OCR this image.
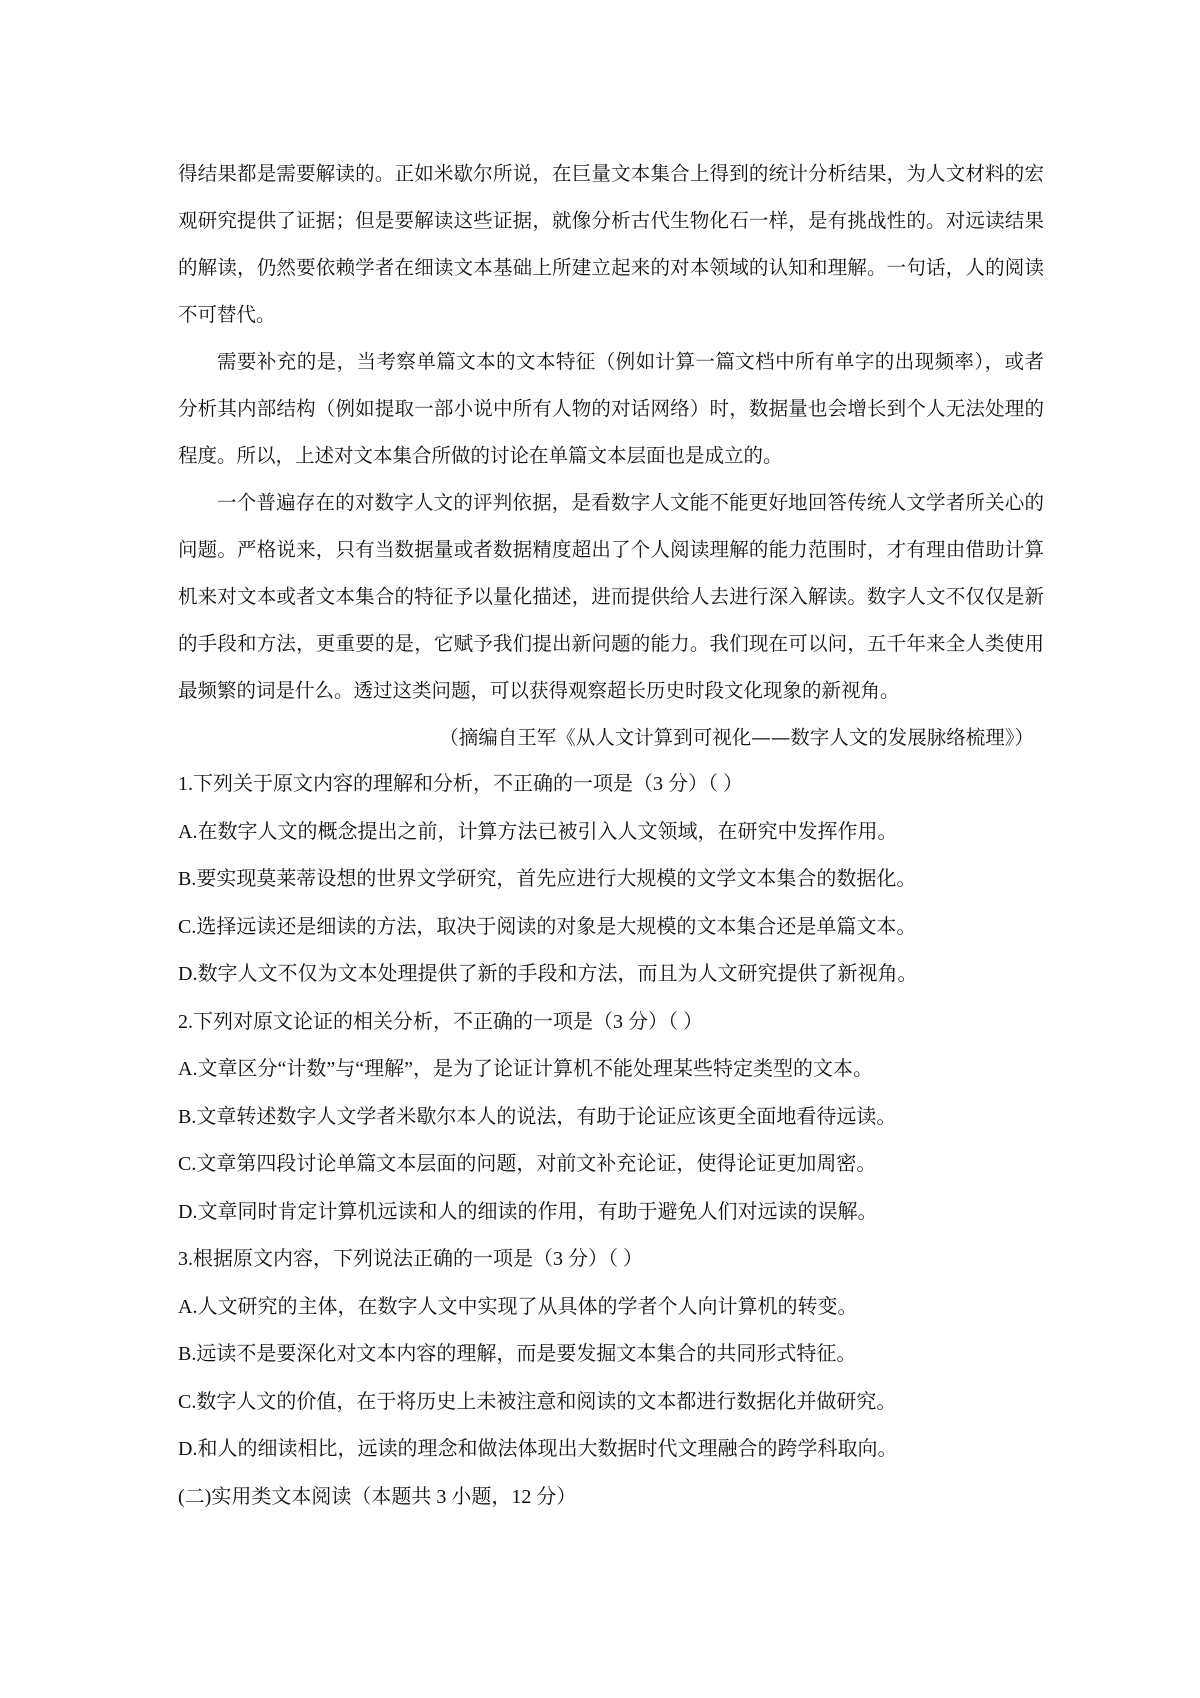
得结果都是需要解读的。正如米歇尔所说，在巨量文本集合上得到的统计分析结果，为人文材料的宏观研究提供了证据；但是要解读这些证据，就像分析古代生物化石一样，是有挑战性的。对远读结果的解读，仍然要依赖学者在细读文本基础上所建立起来的对本领域的认知和理解。一句话，人的阅读不可替代。

需要补充的是，当考察单篇文本的文本特征（例如计算一篇文档中所有单字的出现频率），或者分析其内部结构（例如提取一部小说中所有人物的对话网络）时，数据量也会增长到个人无法处理的程度。所以，上述对文本集合所做的讨论在单篇文本层面也是成立的。

一个普遍存在的对数字人文的评判依据，是看数字人文能不能更好地回答传统人文学者所关心的问题。严格说来，只有当数据量或者数据精度超出了个人阅读理解的能力范围时，才有理由借助计算机来对文本或者文本集合的特征予以量化描述，进而提供给人去进行深入解读。数字人文不仅仅是新的手段和方法，更重要的是，它赋予我们提出新问题的能力。我们现在可以问，五千年来全人类使用最频繁的词是什么。透过这类问题，可以获得观察超长历史时段文化现象的新视角。

（摘编自王军《从人文计算到可视化——数字人文的发展脉络梳理》）

1.下列关于原文内容的理解和分析，不正确的一项是（3 分）（ ）

A.在数字人文的概念提出之前，计算方法已被引入人文领域，在研究中发挥作用。

B.要实现莫莱蒂设想的世界文学研究，首先应进行大规模的文学文本集合的数据化。

C.选择远读还是细读的方法，取决于阅读的对象是大规模的文本集合还是单篇文本。

D.数字人文不仅为文本处理提供了新的手段和方法，而且为人文研究提供了新视角。

2.下列对原文论证的相关分析，不正确的一项是（3 分）（ ）

A.文章区分“计数”与“理解”，是为了论证计算机不能处理某些特定类型的文本。

B.文章转述数字人文学者米歇尔本人的说法，有助于论证应该更全面地看待远读。

C.文章第四段讨论单篇文本层面的问题，对前文补充论证，使得论证更加周密。

D.文章同时肯定计算机远读和人的细读的作用，有助于避免人们对远读的误解。

3.根据原文内容，下列说法正确的一项是（3 分）（ ）

A.人文研究的主体，在数字人文中实现了从具体的学者个人向计算机的转变。

B.远读不是要深化对文本内容的理解，而是要发掘文本集合的共同形式特征。

C.数字人文的价值，在于将历史上未被注意和阅读的文本都进行数据化并做研究。

D.和人的细读相比，远读的理念和做法体现出大数据时代文理融合的跨学科取向。

(二)实用类文本阅读（本题共 3 小题，12 分）
